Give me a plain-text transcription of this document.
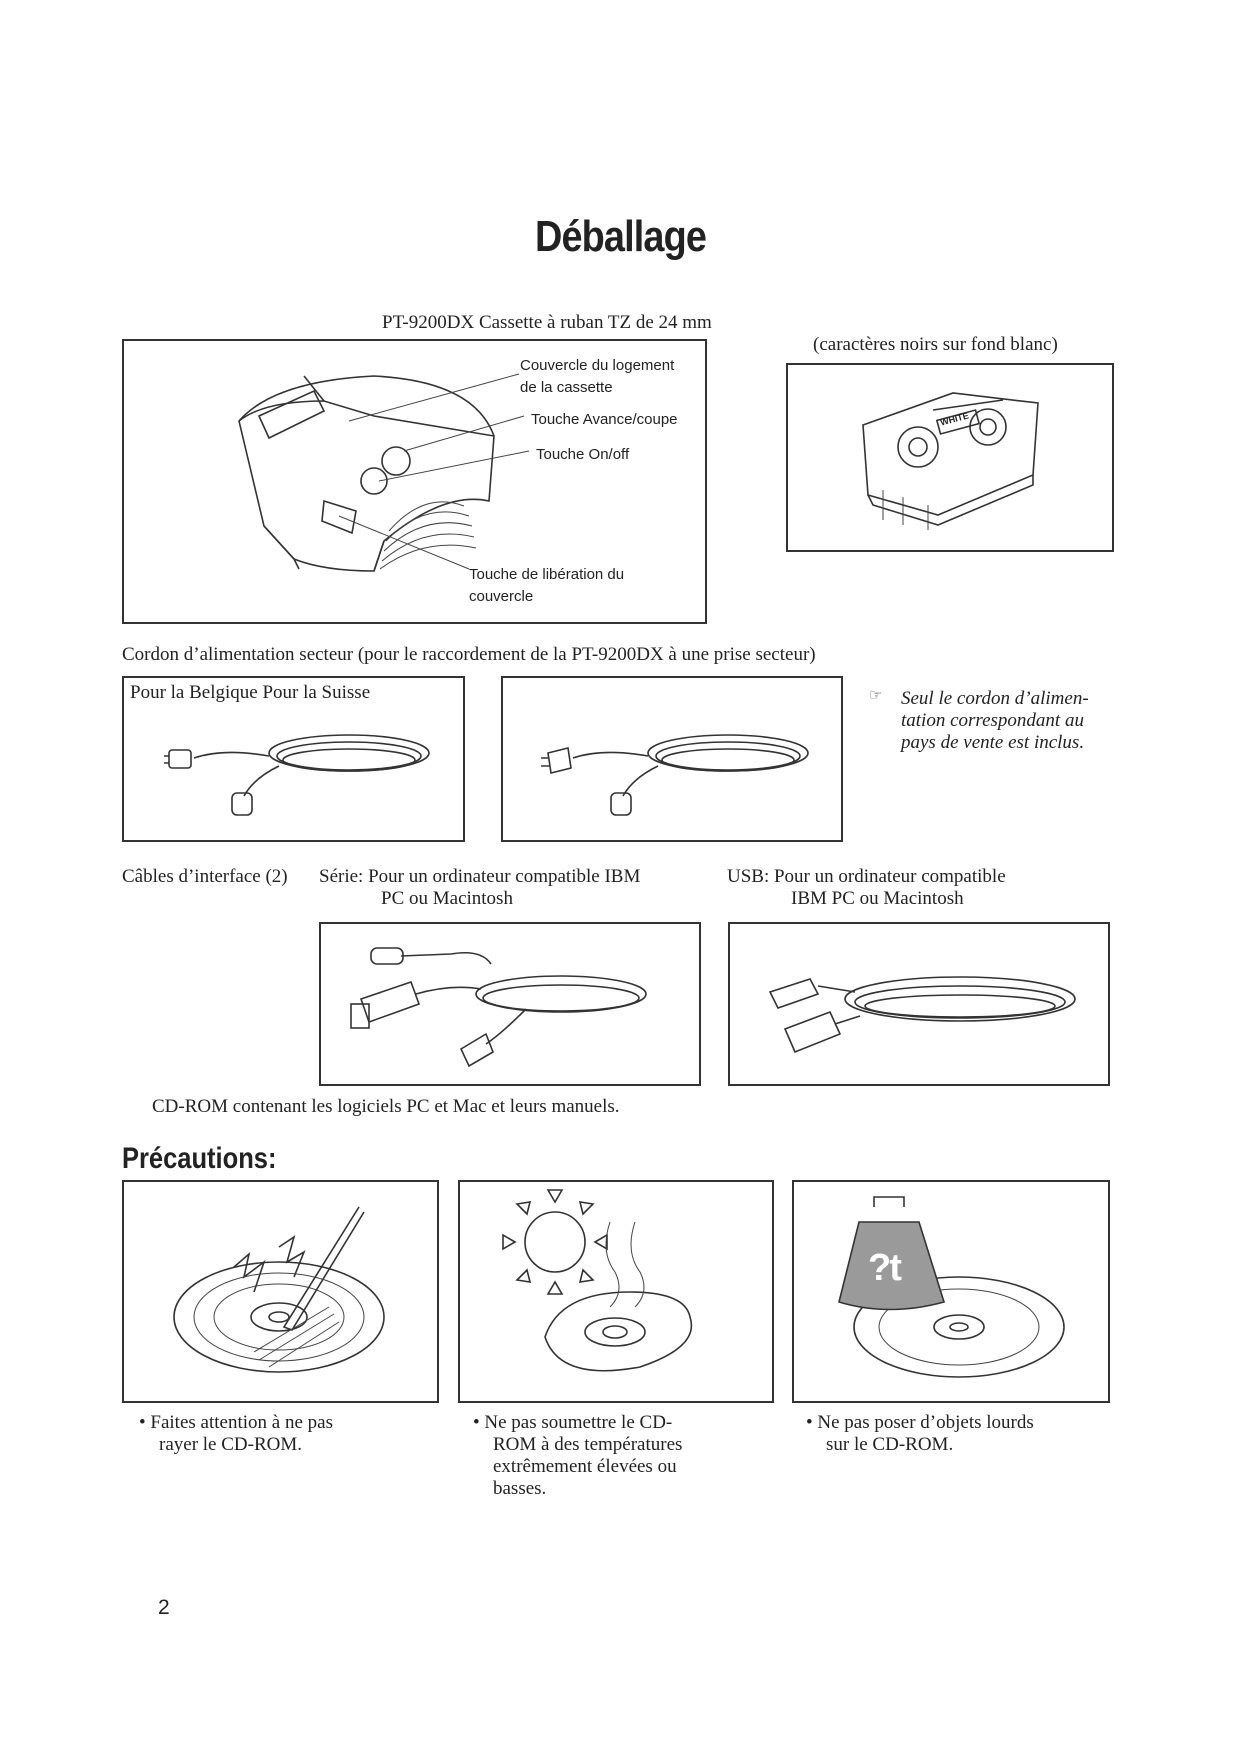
Déballage
PT-9200DX Cassette à ruban TZ de 24 mm
Couvercle du logement
de la cassette
Touche Avance/coupe
Touche On/off
Touche de libération du
couvercle
(caractères noirs sur fond blanc)
WHITE
Cordon d’alimentation secteur (pour le raccordement de la PT-9200DX à une prise secteur)
Pour la Belgique Pour la Suisse	☞ Seul le cordon d’alimen-
tation correspondant au
pays de vente est inclus.
Câbles d’interface (2) Série: Pour un ordinateur compatible IBM
PC ou Macintosh
USB: Pour un ordinateur compatible
IBM PC ou Macintosh
CD-ROM contenant les logiciels PC et Mac et leurs manuels.
Précautions:
?t
• Faites attention à ne pas
rayer le CD-ROM.
• Ne pas soumettre le CD-
ROM à des températures
extrêmement élevées ou
basses.
• Ne pas poser d’objets lourds
sur le CD-ROM.
2
